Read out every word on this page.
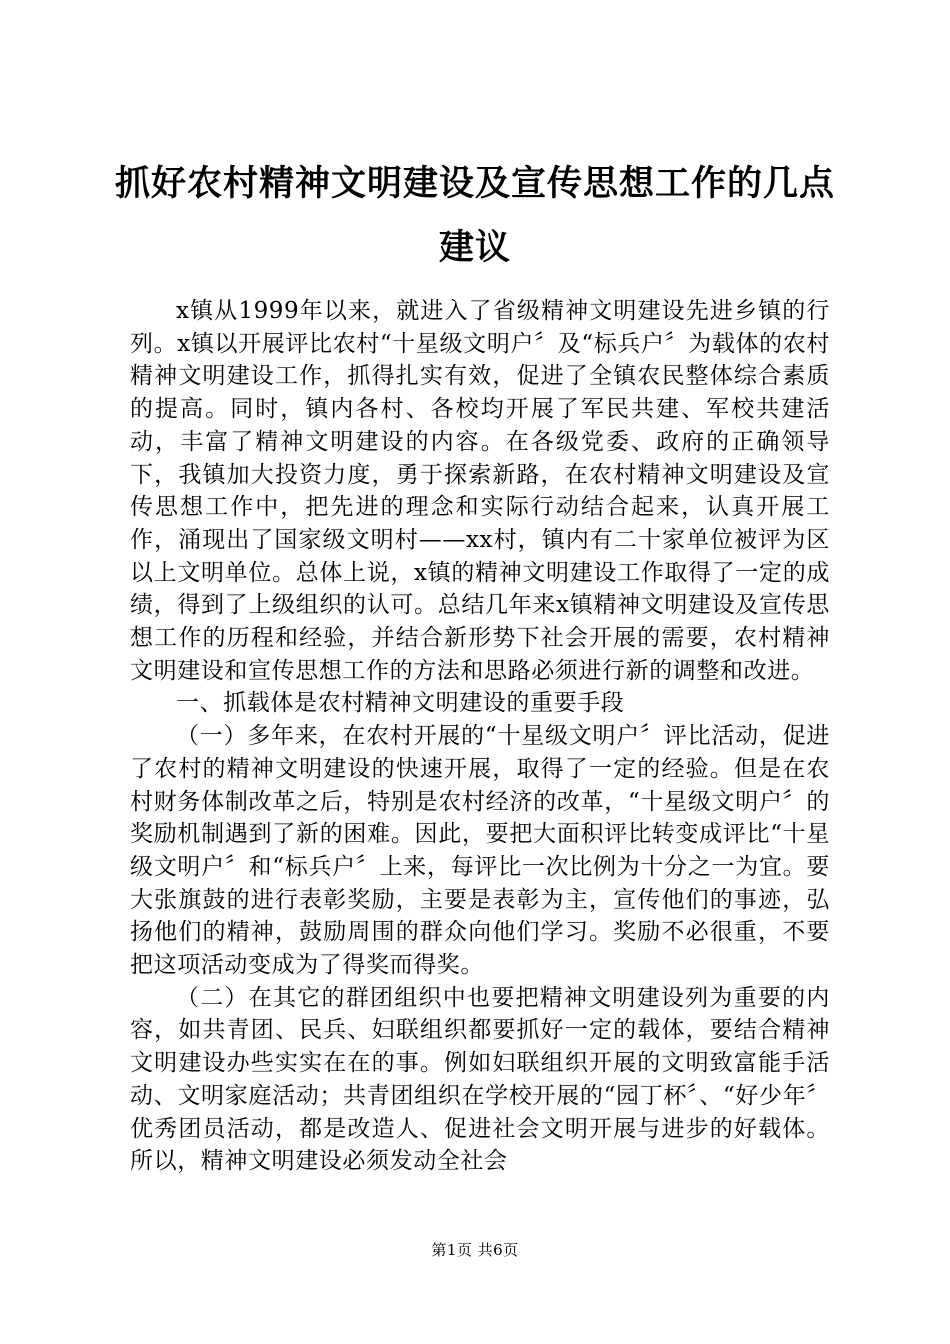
抓好农村精神文明建设及宣传思想工作的几点建议

x镇从1999年以来，就进入了省级精神文明建设先进乡镇的行列。x镇以开展评比农村“十星级文明户〞及“标兵户〞为载体的农村精神文明建设工作，抓得扎实有效，促进了全镇农民整体综合素质的提高。同时，镇内各村、各校均开展了军民共建、军校共建活动，丰富了精神文明建设的内容。在各级党委、政府的正确领导下，我镇加大投资力度，勇于探索新路，在农村精神文明建设及宣传思想工作中，把先进的理念和实际行动结合起来，认真开展工作，涌现出了国家级文明村——xx村，镇内有二十家单位被评为区以上文明单位。总体上说，x镇的精神文明建设工作取得了一定的成绩，得到了上级组织的认可。总结几年来x镇精神文明建设及宣传思想工作的历程和经验，并结合新形势下社会开展的需要，农村精神文明建设和宣传思想工作的方法和思路必须进行新的调整和改进。

一、抓载体是农村精神文明建设的重要手段

（一）多年来，在农村开展的“十星级文明户〞评比活动，促进了农村的精神文明建设的快速开展，取得了一定的经验。但是在农村财务体制改革之后，特别是农村经济的改革，“十星级文明户〞的奖励机制遇到了新的困难。因此，要把大面积评比转变成评比“十星级文明户〞和“标兵户〞上来，每评比一次比例为十分之一为宜。要大张旗鼓的进行表彰奖励，主要是表彰为主，宣传他们的事迹，弘扬他们的精神，鼓励周围的群众向他们学习。奖励不必很重，不要把这项活动变成为了得奖而得奖。

（二）在其它的群团组织中也要把精神文明建设列为重要的内容，如共青团、民兵、妇联组织都要抓好一定的载体，要结合精神文明建设办些实实在在的事。例如妇联组织开展的文明致富能手活动、文明家庭活动；共青团组织在学校开展的“园丁杯〞、“好少年〞优秀团员活动，都是改造人、促进社会文明开展与进步的好载体。所以，精神文明建设必须发动全社会

第1页 共6页
